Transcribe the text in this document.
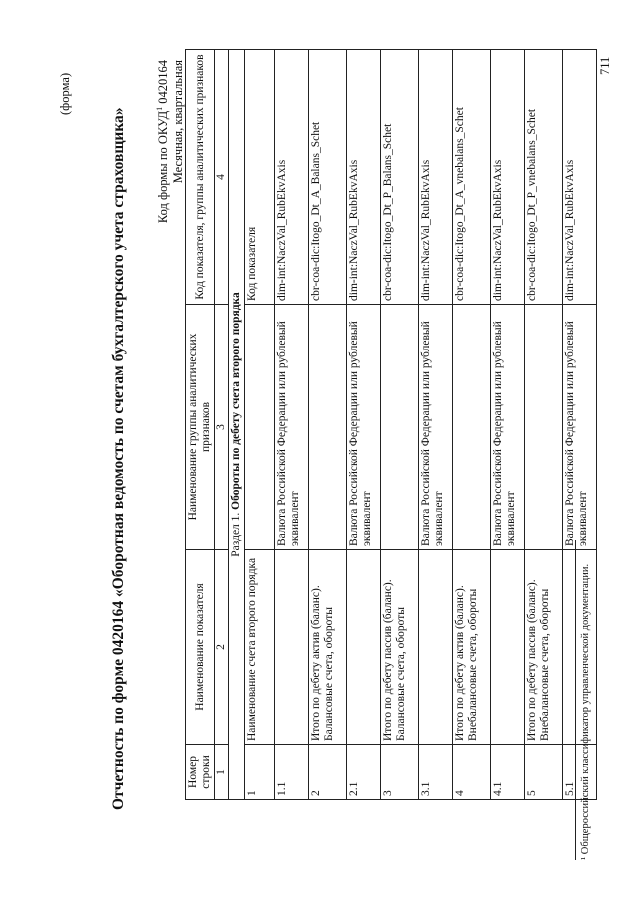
(форма)
Отчетность по форме 0420164 «Оборотная ведомость по счетам бухгалтерского учета страховщика»	Код формы по ОКУД$^1$ 0420164 Месячная, квартальная
Номер строки	Наименование показателя	Наименование группы аналитических признаков	Код показателя, группы аналитических признаков
1	2	3	4
Раздел 1. Обороты по дебету счета второго порядка			
1	Наименование счета второго порядка		Код показателя
1.1		Валюта Российской Федерации или рублевый эквивалент	dim-int:NaczVal_RubEkvAxis
2	Итого по дебету актив (баланс). Балансовые счета, обороты		cbr-coa-dic:Itogo_Dt_A_Balans_Schet
2.1		Валюта Российской Федерации или рублевый эквивалент	dim-int:NaczVal_RubEkvAxis
3	Итого по дебету пассив (баланс). Балансовые счета, обороты		cbr-coa-dic:Itogo_Dt_P_Balans_Schet
3.1		Валюта Российской Федерации или рублевый эквивалент	dim-int:NaczVal_RubEkvAxis
4	Итого по дебету актив (баланс). Внебалансовые счета, обороты		cbr-coa-dic:Itogo_Dt_A_vnebalans_Schet
4.1		Валюта Российской Федерации или рублевый эквивалент	dim-int:NaczVal_RubEkvAxis
5	Итого по дебету пассив (баланс). Внебалансовые счета, обороты		cbr-coa-dic:Itogo_Dt_P_vnebalans_Schet
5.1		Валюта Российской Федерации или рублевый эквивалент	dim-int:NaczVal_RubEkvAxis
¹ Общероссийский классификатор управленческой документации.
711
